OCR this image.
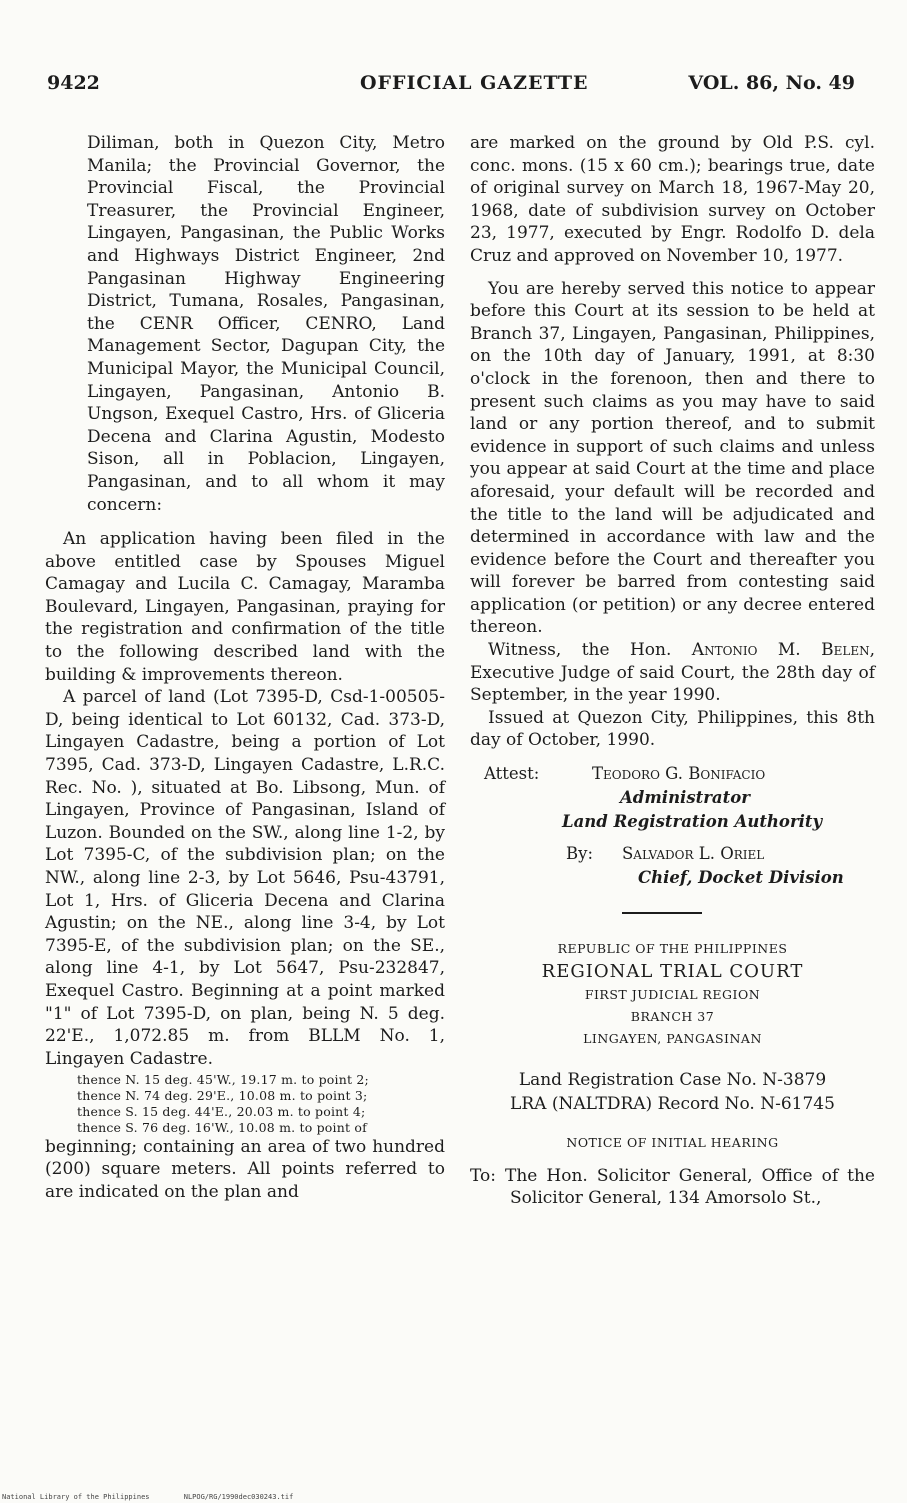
9422	OFFICIAL GAZETTE	VOL. 86, No. 49

Diliman, both in Quezon City, Metro Manila; the Provincial Governor, the Provincial Fiscal, the Provincial Treasurer, the Provincial Engineer, Lingayen, Pangasinan, the Public Works and Highways District Engineer, 2nd Pangasinan Highway Engineering District, Tumana, Rosales, Pangasinan, the CENR Officer, CENRO, Land Management Sector, Dagupan City, the Municipal Mayor, the Municipal Council, Lingayen, Pangasinan, Antonio B. Ungson, Exequel Castro, Hrs. of Gliceria Decena and Clarina Agustin, Modesto Sison, all in Poblacion, Lingayen, Pangasinan, and to all whom it may concern:

An application having been filed in the above entitled case by Spouses Miguel Camagay and Lucila C. Camagay, Maramba Boulevard, Lingayen, Pangasinan, praying for the registration and confirmation of the title to the following described land with the building & improvements thereon.

A parcel of land (Lot 7395-D, Csd-1-00505-D, being identical to Lot 60132, Cad. 373-D, Lingayen Cadastre, being a portion of Lot 7395, Cad. 373-D, Lingayen Cadastre, L.R.C. Rec. No. ), situated at Bo. Libsong, Mun. of Lingayen, Province of Pangasinan, Island of Luzon. Bounded on the SW., along line 1-2, by Lot 7395-C, of the subdivision plan; on the NW., along line 2-3, by Lot 5646, Psu-43791, Lot 1, Hrs. of Gliceria Decena and Clarina Agustin; on the NE., along line 3-4, by Lot 7395-E, of the subdivision plan; on the SE., along line 4-1, by Lot 5647, Psu-232847, Exequel Castro. Beginning at a point marked "1" of Lot 7395-D, on plan, being N. 5 deg. 22'E., 1,072.85 m. from BLLM No. 1, Lingayen Cadastre.

thence N. 15 deg. 45'W., 19.17 m. to point 2;
thence N. 74 deg. 29'E., 10.08 m. to point 3;
thence S. 15 deg. 44'E., 20.03 m. to point 4;
thence S. 76 deg. 16'W., 10.08 m. to point of

beginning; containing an area of two hundred (200) square meters. All points referred to are indicated on the plan and

are marked on the ground by Old P.S. cyl. conc. mons. (15 x 60 cm.); bearings true, date of original survey on March 18, 1967-May 20, 1968, date of subdivision survey on October 23, 1977, executed by Engr. Rodolfo D. dela Cruz and approved on November 10, 1977.

You are hereby served this notice to appear before this Court at its session to be held at Branch 37, Lingayen, Pangasinan, Philippines, on the 10th day of January, 1991, at 8:30 o'clock in the forenoon, then and there to present such claims as you may have to said land or any portion thereof, and to submit evidence in support of such claims and unless you appear at said Court at the time and place aforesaid, your default will be recorded and the title to the land will be adjudicated and determined in accordance with law and the evidence before the Court and thereafter you will forever be barred from contesting said application (or petition) or any decree entered thereon.

Witness, the Hon. Antonio M. Belen, Executive Judge of said Court, the 28th day of September, in the year 1990.

Issued at Quezon City, Philippines, this 8th day of October, 1990.

Attest:	Teodoro G. Bonifacio
Administrator
Land Registration Authority
By: Salvador L. Oriel
Chief, Docket Division
REPUBLIC OF THE PHILIPPINES
REGIONAL TRIAL COURT
FIRST JUDICIAL REGION
BRANCH 37
LINGAYEN, PANGASINAN
Land Registration Case No. N-3879
LRA (NALTDRA) Record No. N-61745
NOTICE OF INITIAL HEARING

To: The Hon. Solicitor General, Office of the Solicitor General, 134 Amorsolo St.,

National Library of the Philippines	NLPOG/RG/1990dec030243.tif
